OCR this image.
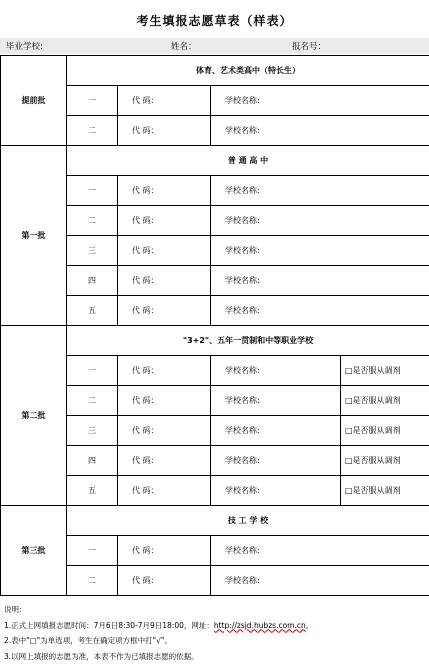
考生填报志愿草表（样表）
毕业学校:	姓名：	报名号：
提前批	体育、艺术类高中（特长生）			
	一	代 码：	学校名称:	
	二	代 码：	学校名称:	
第一批	普 通 高 中			
	一	代 码：	学校名称:	
	二	代 码：	学校名称:	
	三	代 码：	学校名称:	
	四	代 码：	学校名称:	
	五	代 码：	学校名称:	
第二批	"3+2"、五年一贯制和中等职业学校			
	一	代 码：	学校名称:	□是否服从调剂
	二	代 码：	学校名称:	□是否服从调剂
	三	代 码：	学校名称:	□是否服从调剂
	四	代 码：	学校名称:	□是否服从调剂
	五	代 码：	学校名称:	□是否服从调剂
第三批	技 工 学 校			
	一	代 码：	学校名称:	
	二	代 码：	学校名称:	
说明：
1.正式上网填报志愿时间：7月6日8:30-7月9日18:00，网址：http://zsjd.hubzs.com.cn。
2.表中"□"为单选项，考生在确定项方框中打"√"。
3.以网上填报的志愿为准，本表不作为已填报志愿的依据。
